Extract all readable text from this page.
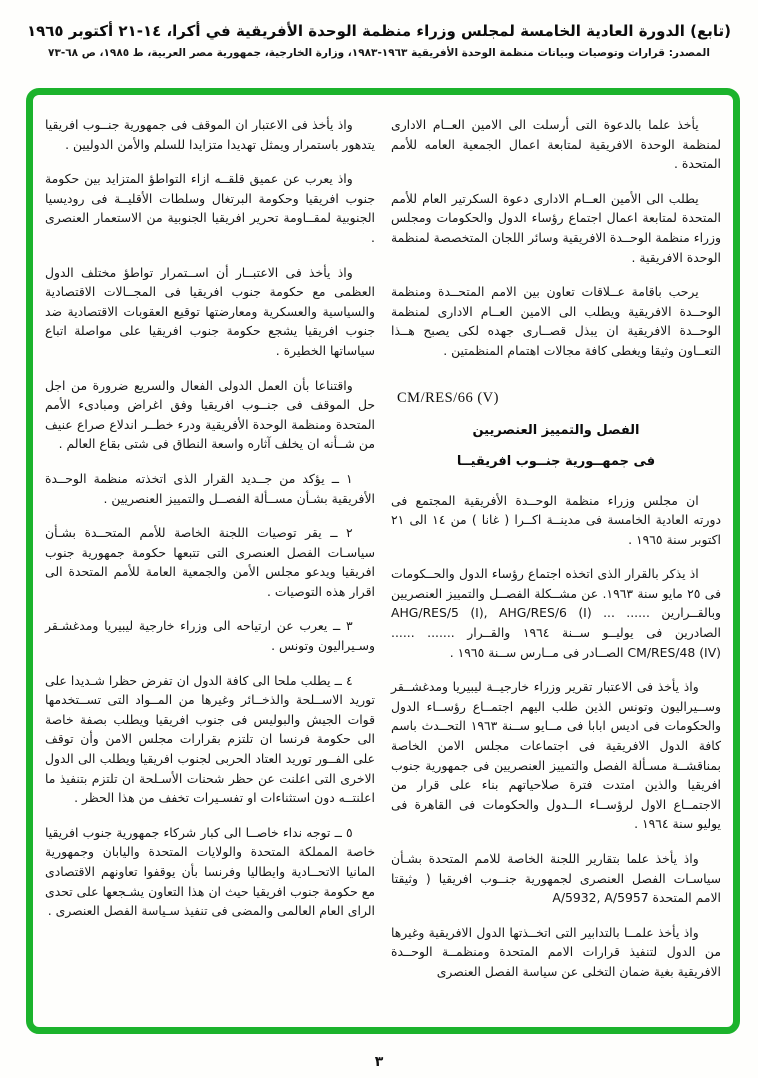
(تابع) الدورة العادية الخامسة لمجلس وزراء منظمة الوحدة الأفريقية في أكرا، ١٤-٢١ أكتوبر ١٩٦٥
المصدر: قرارات وتوصيات وبيانات منظمة الوحدة الأفريقية ١٩٦٣-١٩٨٣، وزارة الخارجية، جمهورية مصر العربية، ط ١٩٨٥، ص ٦٨-٧٣

يأخذ علما بالدعوة التى أرسلت الى الامين العــام الادارى لمنظمة الوحدة الافريقية لمتابعة اعمال الجمعية العامه للأمم المتحدة .

يطلب الى الأمين العــام الادارى دعوة السكرتير العام للأمم المتحدة لمتابعة اعمال اجتماع رؤساء الدول والحكومات ومجلس وزراء منظمة الوحــدة الافريقية وسائر اللجان المتخصصة لمنظمة الوحدة الافريقية .

يرحب باقامة عــلاقات تعاون بين الامم المتحــدة ومنظمة الوحــدة الافريقية ويطلب الى الامين العــام الادارى لمنظمة الوحــدة الافريقية ان يبذل قصــارى جهده لكى يصبح هــذا التعــاون وثيقا ويغطى كافة مجالات اهتمام المنظمتين .

CM/RES/66 (V)
الفصل والتمييز العنصريين
فى جمهــورية جنــوب افريقيــا

ان مجلس وزراء منظمة الوحــدة الأفريقية المجتمع فى دورته العادية الخامسة فى مدينــة اكــرا ( غانا ) من ١٤ الى ٢١ اكتوبر سنة ١٩٦٥ .

اذ يذكر بالقرار الذى اتخذه اجتماع رؤساء الدول والحــكومات فى ٢٥ مايو سنة ١٩٦٣. عن مشــكلة الفصــل والتمييز العنصريين وبالقــرارين ...... ... AHG/RES/5 (I), AHG/RES/6 (I) الصادرين فى يوليــو ســنة ١٩٦٤ والقــرار ....... ...... CM/RES/48 (IV) الصــادر فى مــارس ســنة ١٩٦٥ .

واذ يأخذ فى الاعتبار تقرير وزراء خارجيــة ليبيريا ومدغشــقر وســيراليون وتونس الذين طلب اليهم اجتمــاع رؤســاء الدول والحكومات فى اديس ابابا فى مــايو ســنة ١٩٦٣ التحــدث باسم كافة الدول الافريقية فى اجتماعات مجلس الامن الخاصة بمناقشــة مسـألة الفصل والتمييز العنصريين فى جمهورية جنوب افريقيا والذين امتدت فترة صلاحياتهم بناء على قرار من الاجتمــاع الاول لرؤســاء الــدول والحكومات فى القاهرة فى يوليو سنة ١٩٦٤ .

واذ يأخذ علما بتقارير اللجنة الخاصة للامم المتحدة بشـأن سياسـات الفصل العنصرى لجمهورية جنــوب افريقيا ( وثيقتا الامم المتحدة A/5932, A/5957

واذ يأخذ علمــا بالتدابير التى اتخــذتها الدول الافريقية وغيرها من الدول لتنفيذ قرارات الامم المتحدة ومنظمــة الوحــدة الافريقية بغية ضمان التخلى عن سياسة الفصل العنصرى

واذ يأخذ فى الاعتبار ان الموقف فى جمهورية جنــوب افريقيا يتدهور باستمرار ويمثل تهديدا متزايدا للسلم والأمن الدوليين .

واذ يعرب عن عميق قلقــه ازاء التواطؤ المتزايد بين حكومة جنوب افريقيا وحكومة البرتغال وسلطات الأقليــة فى روديسيا الجنوبية لمقــاومة تحرير افريقيا الجنوبية من الاستعمار العنصرى .

واذ يأخذ فى الاعتبــار أن اســتمرار تواطؤ مختلف الدول العظمى مع حكومة جنوب افريقيا فى المجــالات الاقتصادية والسياسية والعسكرية ومعارضتها توقيع العقوبات الاقتصادية ضد جنوب افريقيا يشجع حكومة جنوب افريقيا على مواصلة اتباع سياساتها الخطيرة .

واقتناعا بأن العمل الدولى الفعال والسريع ضرورة من اجل حل الموقف فى جنــوب افريقيا وفق اغراض ومبادىء الأمم المتحدة ومنظمة الوحدة الأفريقية ودرء خطــر اندلاع صراع عنيف من شــأنه ان يخلف آثاره واسعة النطاق فى شتى بقاع العالم .

١ ــ يؤكد من جــديد القرار الذى اتخذته منظمة الوحــدة الأفريقية بشـأن مســألة الفصــل والتمييز العنصريين .

٢ ــ يقر توصيات اللجنة الخاصة للأمم المتحــدة بشـأن سياسـات الفصل العنصرى التى تتبعها حكومة جمهورية جنوب افريقيا ويدعو مجلس الأمن والجمعية العامة للأمم المتحدة الى اقرار هذه التوصيات .

٣ ــ يعرب عن ارتياحه الى وزراء خارجية ليبيريا ومدغشـقر وسـيراليون وتونس .

٤ ــ يطلب ملحا الى كافة الدول ان تفرض حظرا شـديدا على توريد الاســلحة والذخــائر وغيرها من المــواد التى تســتخدمها قوات الجيش والبوليس فى جنوب افريقيا ويطلب بصفة خاصة الى حكومة فرنسا ان تلتزم بقرارات مجلس الامن وأن توقف على الفــور توريد العتاد الحربى لجنوب افريقيا ويطلب الى الدول الاخرى التى اعلنت عن حظر شحنات الأسـلحة ان تلتزم بتنفيذ ما اعلنتــه دون استثناءات او تفسـيرات تخفف من هذا الحظر .

٥ ــ توجه نداء خاصــا الى كبار شركاء جمهورية جنوب افريقيا خاصة المملكة المتحدة والولايات المتحدة واليابان وجمهورية المانيا الاتحــادية وايطاليا وفرنسا بأن يوقفوا تعاونهم الاقتصادى مع حكومة جنوب افريقيا حيث ان هذا التعاون يشـجعها على تحدى الراى العام العالمى والمضى فى تنفيذ سـياسة الفصل العنصرى .

٣
